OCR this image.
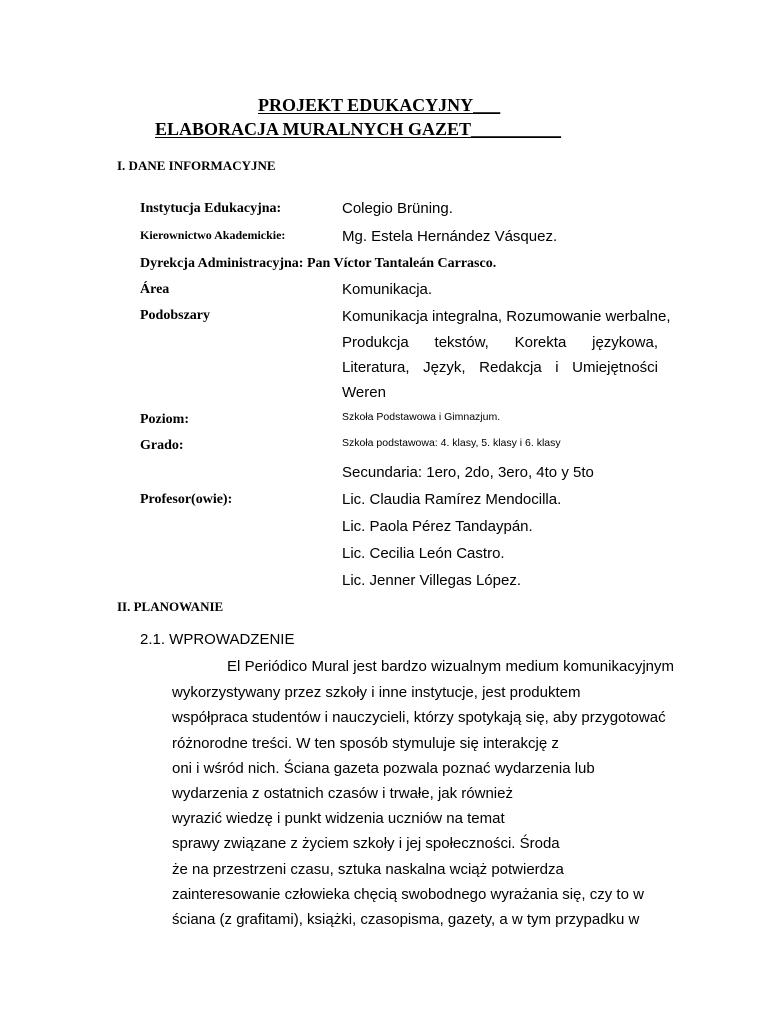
PROJEKT EDUKACYJNY___
ELABORACJA MURALNYCH GAZET__________
I. DANE INFORMACYJNE
Instytucja Edukacyjna:	Colegio Brüning.
Kierownictwo Akademickie:	Mg. Estela Hernández Vásquez.
Dyrekcja Administracyjna: Pan Víctor Tantaleán Carrasco.
Área	Komunikacja.
Podobszary	Komunikacja integralna, Rozumowanie werbalne,
Produkcja tekstów, Korekta językowa,
Literatura, Język, Redakcja i Umiejętności
Weren
Poziom:	Szkoła Podstawowa i Gimnazjum.
Grado:	Szkoła podstawowa: 4. klasy, 5. klasy i 6. klasy
Secundaria: 1ero, 2do, 3ero, 4to y 5to
Profesor(owie):	Lic. Claudia Ramírez Mendocilla.
Lic. Paola Pérez Tandaypán.
Lic. Cecilia León Castro.
Lic. Jenner Villegas López.
II. PLANOWANIE
2.1. WPROWADZENIE
El Periódico Mural jest bardzo wizualnym medium komunikacyjnym
wykorzystywany przez szkoły i inne instytucje, jest produktem
współpraca studentów i nauczycieli, którzy spotykają się, aby przygotować
różnorodne treści. W ten sposób stymuluje się interakcję z
oni i wśród nich. Ściana gazeta pozwala poznać wydarzenia lub
wydarzenia z ostatnich czasów i trwałe, jak również
wyrazić wiedzę i punkt widzenia uczniów na temat
sprawy związane z życiem szkoły i jej społeczności. Środa
że na przestrzeni czasu, sztuka naskalna wciąż potwierdza
zainteresowanie człowieka chęcią swobodnego wyrażania się, czy to w
ściana (z grafitami), książki, czasopisma, gazety, a w tym przypadku w
